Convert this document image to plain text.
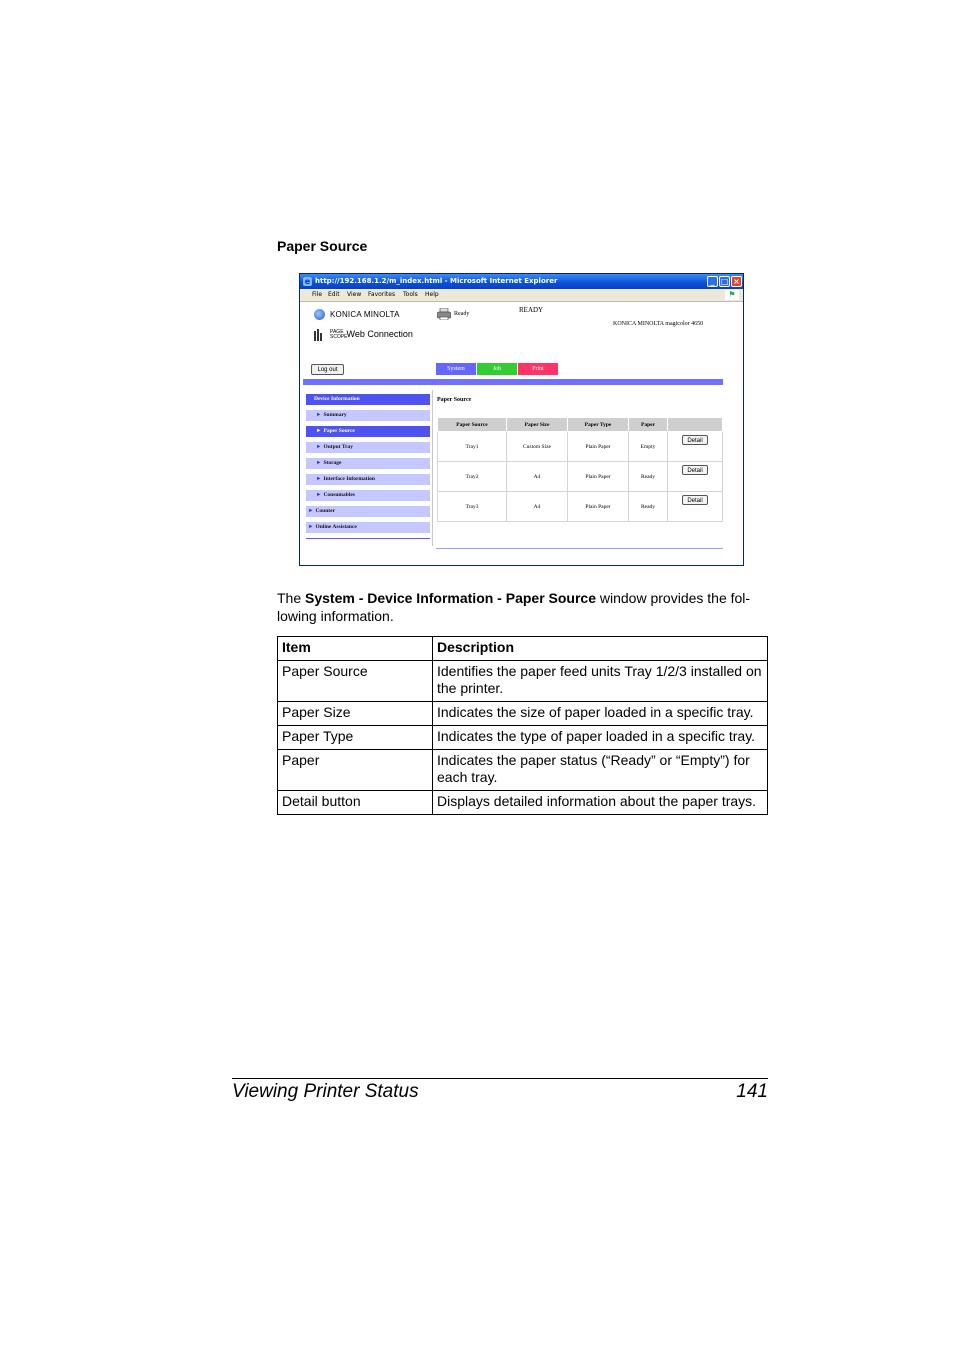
Paper Source
e http://192.168.1.2/m_index.html - Microsoft Internet Explorer	_ □ ×
File Edit View Favorites Tools Help	⚑
KONICA MINOLTA
PAGE SCOPE Web Connection
Ready	READY
KONICA MINOLTA magicolor 4650
Log out	System	Job	Print
Device Information
► Summary
► Paper Source
► Output Tray
► Storage
► Interface Information
► Consumables
► Counter
► Online Assistance
Paper Source
Paper Source	Paper Size	Paper Type	Paper	
Tray1	Custom Size	Plain Paper	Empty	Detail
Tray2	A4	Plain Paper	Ready	Detail
Tray3	A4	Plain Paper	Ready	Detail
The System - Device Information - Paper Source window provides the fol-lowing information.
Item	Description
Paper Source	Identifies the paper feed units Tray 1/2/3 installed on the printer.
Paper Size	Indicates the size of paper loaded in a specific tray.
Paper Type	Indicates the type of paper loaded in a specific tray.
Paper	Indicates the paper status (“Ready” or “Empty”) for each tray.
Detail button	Displays detailed information about the paper trays.
Viewing Printer Status	141
